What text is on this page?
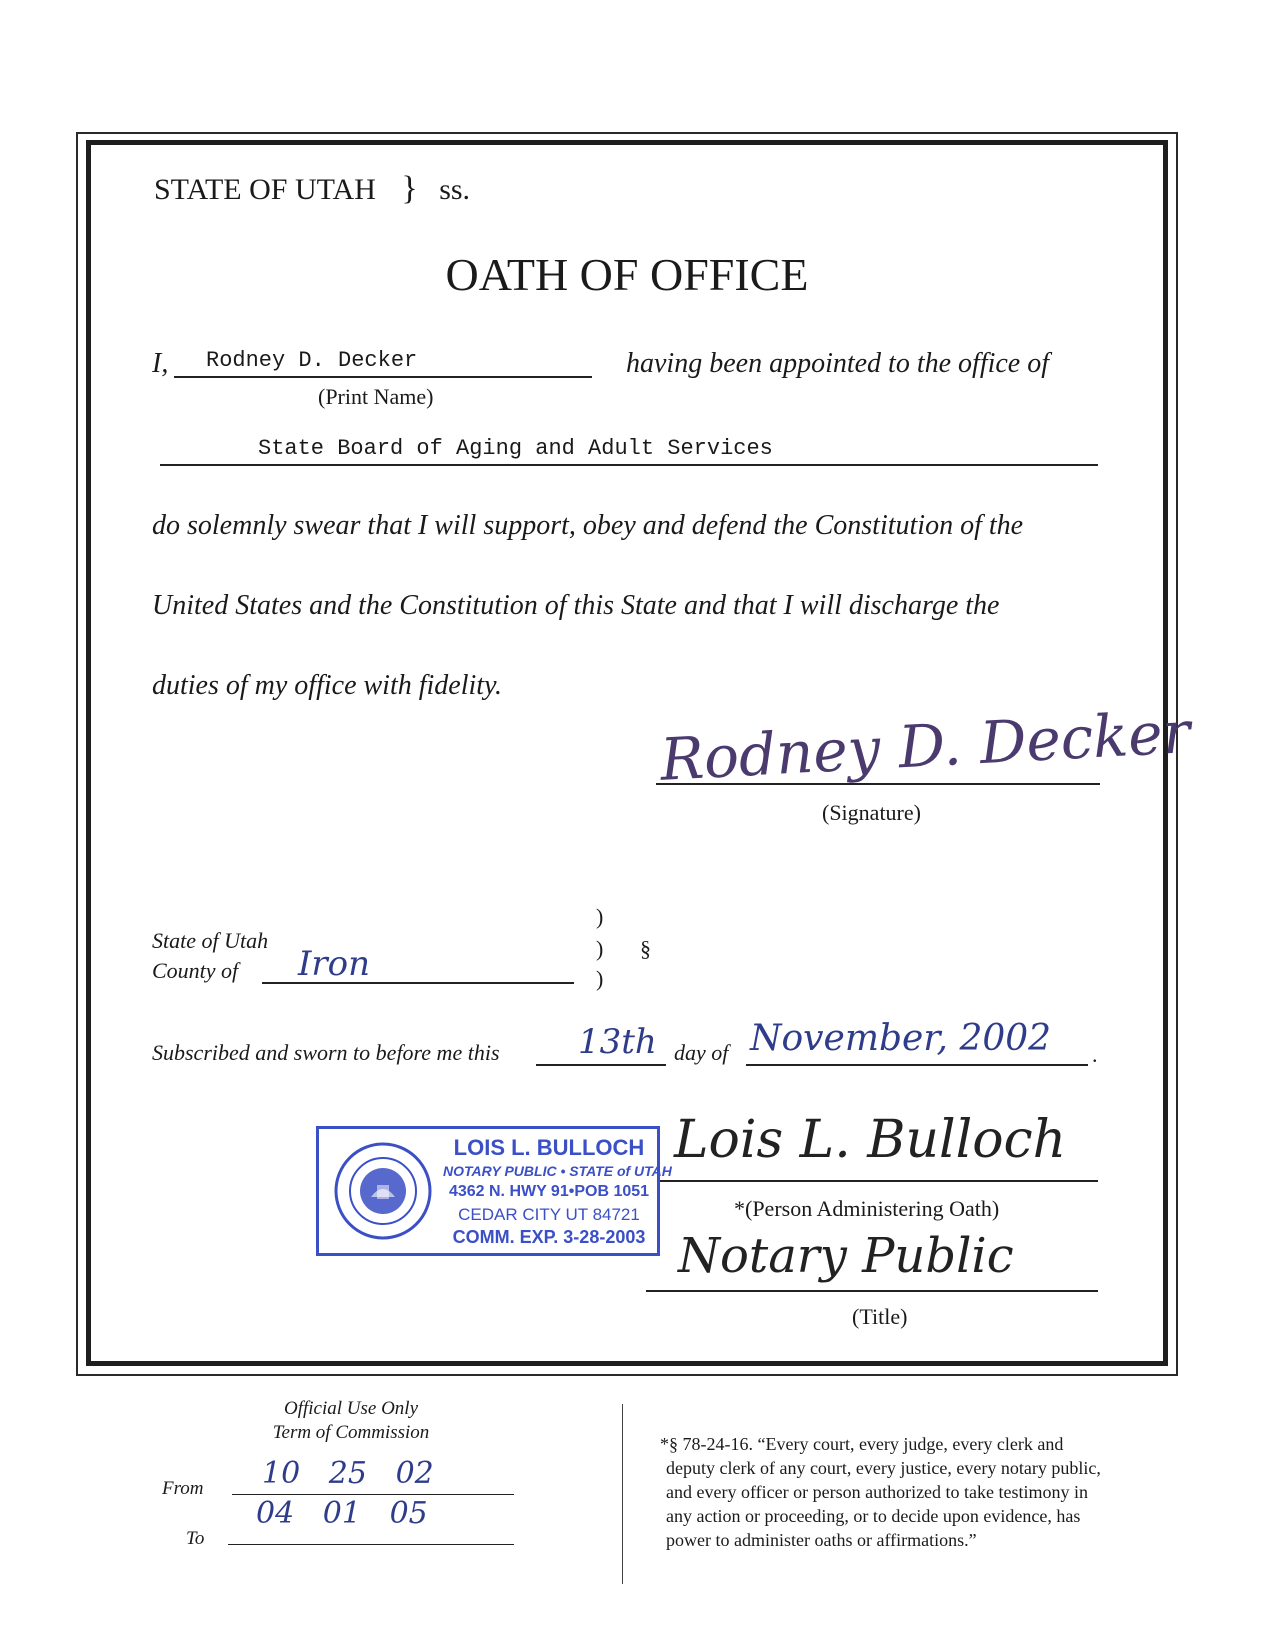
STATE OF UTAH } ss.
OATH OF OFFICE
I, Rodney D. Decker
(Print Name)
having been appointed to the office of
State Board of Aging and Adult Services
do solemnly swear that I will support, obey and defend the Constitution of the
United States and the Constitution of this State and that I will discharge the
duties of my office with fidelity.
Rodney D. Decker
(Signature)
State of Utah
County of Iron
)
)
)
§
Subscribed and sworn to before me this 13th day of November, 2002 .
LOIS L. BULLOCH
NOTARY PUBLIC • STATE of UTAH
4362 N. HWY 91•POB 1051
CEDAR CITY UT 84721
COMM. EXP. 3-28-2003
Lois L. Bulloch
*(Person Administering Oath)
Notary Public
(Title)
Official Use Only
Term of Commission
From 10   25   02
To
04   01   05
*§ 78-24-16. “Every court, every judge, every clerk and
deputy clerk of any court, every justice, every notary public,
and every officer or person authorized to take testimony in
any action or proceeding, or to decide upon evidence, has
power to administer oaths or affirmations.”
